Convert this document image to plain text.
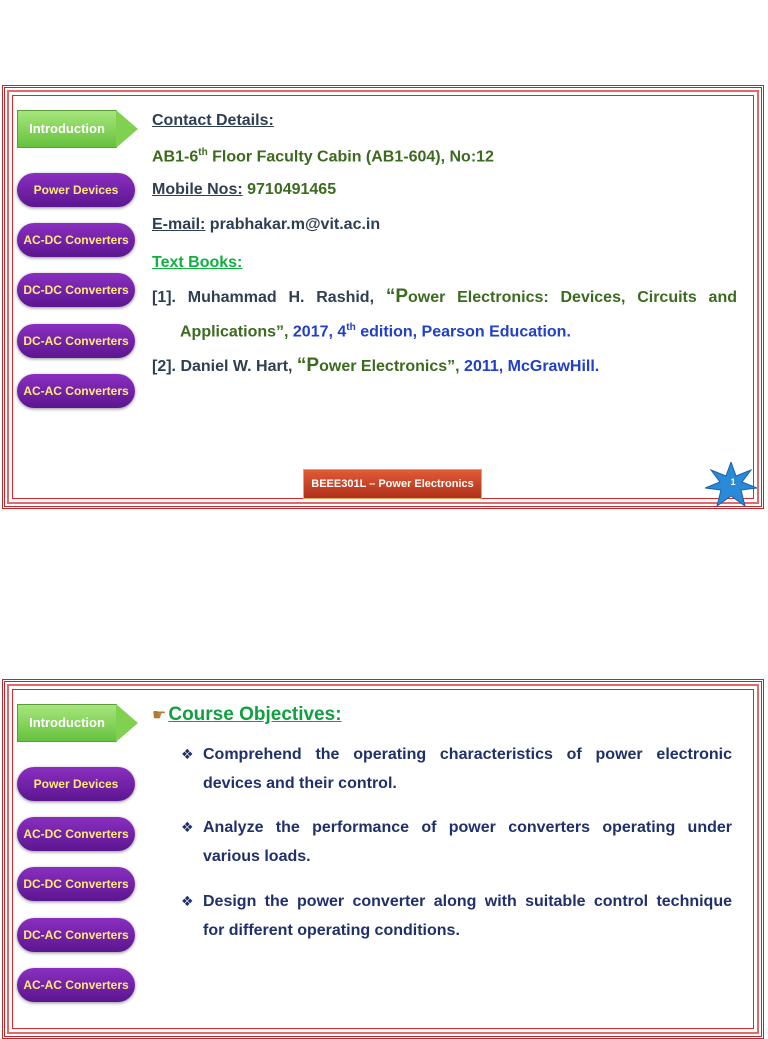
Introduction
Power Devices
AC-DC Converters
DC-DC Converters
DC-AC Converters
AC-AC Converters
Contact Details:
AB1-6th Floor Faculty Cabin (AB1-604), No:12
Mobile Nos: 9710491465
E-mail: prabhakar.m@vit.ac.in
Text Books:
[1]. Muhammad H. Rashid, “Power Electronics: Devices, Circuits and
Applications”, 2017, 4th edition, Pearson Education.
[2]. Daniel W. Hart, “Power Electronics”, 2011, McGrawHill.
BEEE301L – Power Electronics	1
Introduction
Power Devices
AC-DC Converters
DC-DC Converters
DC-AC Converters
AC-AC Converters
☛ Course Objectives:
❖ Comprehend the operating characteristics of power electronic
devices and their control.
❖ Analyze the performance of power converters operating under
various loads.
❖ Design the power converter along with suitable control technique
for different operating conditions.
